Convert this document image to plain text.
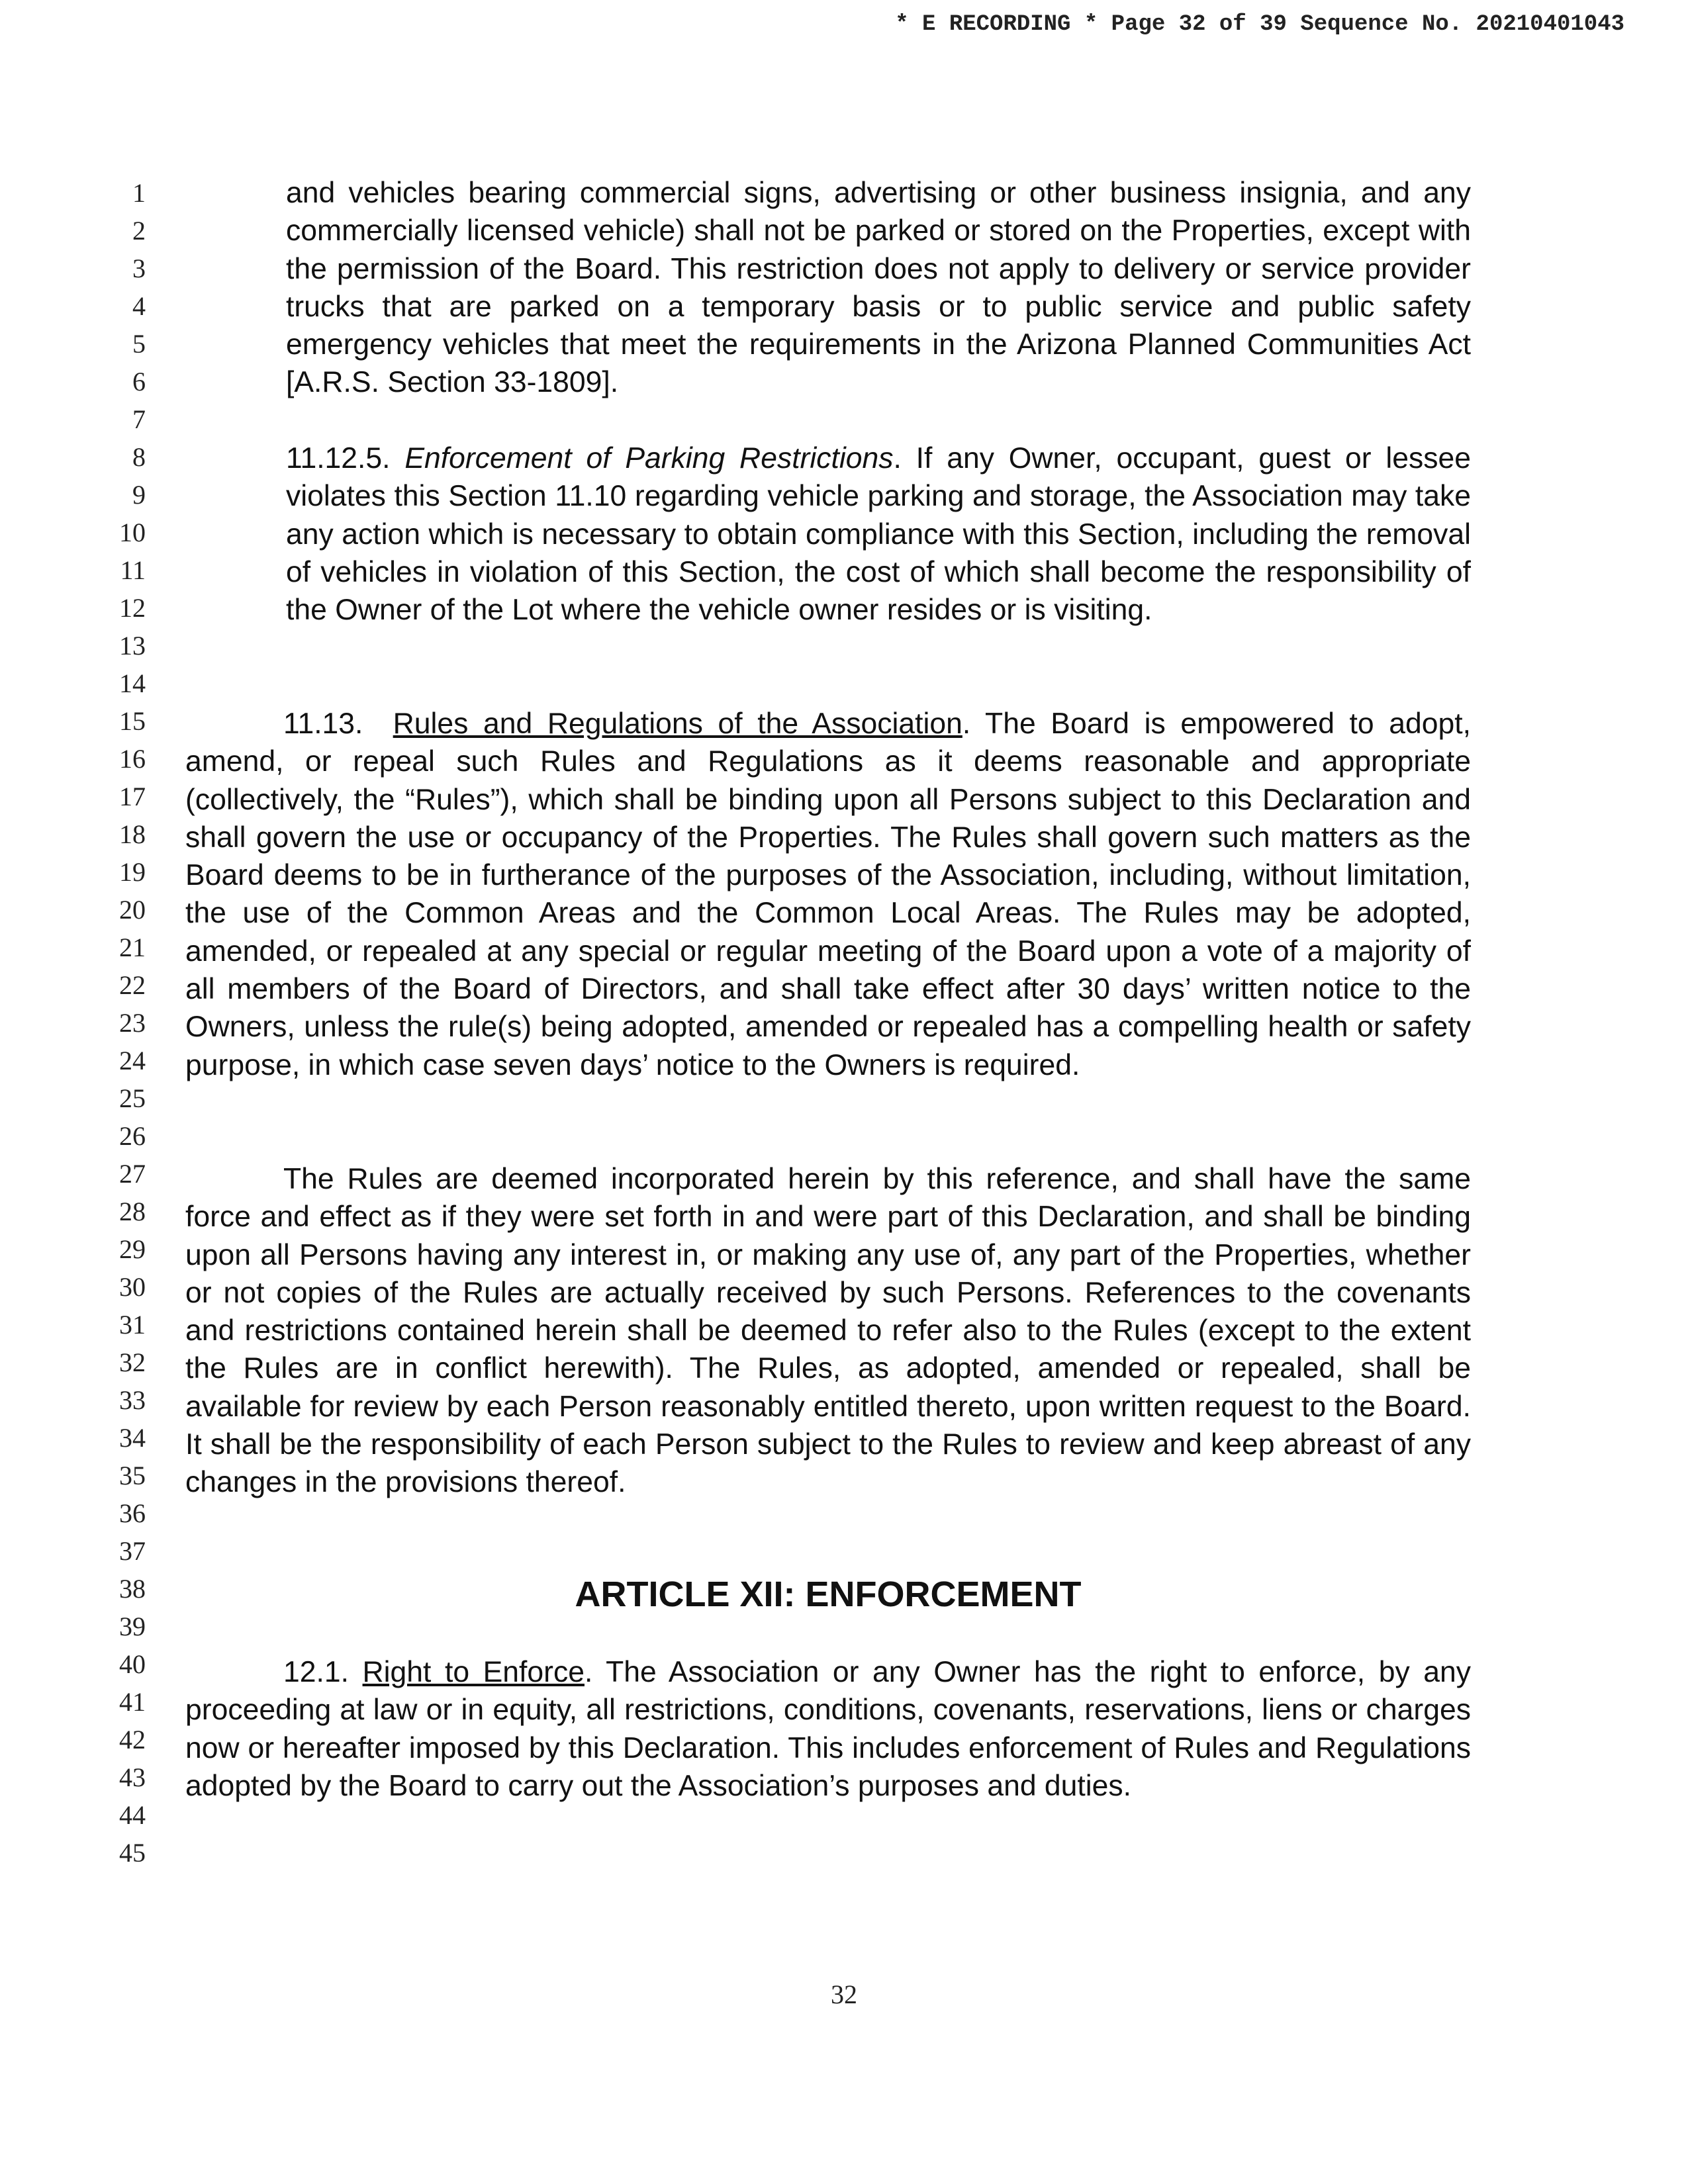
* E RECORDING * Page 32 of 39 Sequence No. 20210401043
1
2
3
4
5
6
7
8
9
10
11
12
13
14
15
16
17
18
19
20
21
22
23
24
25
26
27
28
29
30
31
32
33
34
35
36
37
38
39
40
41
42
43
44
45
and vehicles bearing commercial signs, advertising or other business insignia, and any commercially licensed vehicle) shall not be parked or stored on the Properties, except with the permission of the Board. This restriction does not apply to delivery or service provider trucks that are parked on a temporary basis or to public service and public safety emergency vehicles that meet the requirements in the Arizona Planned Communities Act [A.R.S. Section 33-1809].
11.12.5. Enforcement of Parking Restrictions. If any Owner, occupant, guest or lessee violates this Section 11.10 regarding vehicle parking and storage, the Association may take any action which is necessary to obtain compliance with this Section, including the removal of vehicles in violation of this Section, the cost of which shall become the responsibility of the Owner of the Lot where the vehicle owner resides or is visiting.
11.13. Rules and Regulations of the Association. The Board is empowered to adopt, amend, or repeal such Rules and Regulations as it deems reasonable and appropriate (collectively, the “Rules”), which shall be binding upon all Persons subject to this Declaration and shall govern the use or occupancy of the Properties. The Rules shall govern such matters as the Board deems to be in furtherance of the purposes of the Association, including, without limitation, the use of the Common Areas and the Common Local Areas. The Rules may be adopted, amended, or repealed at any special or regular meeting of the Board upon a vote of a majority of all members of the Board of Directors, and shall take effect after 30 days’ written notice to the Owners, unless the rule(s) being adopted, amended or repealed has a compelling health or safety purpose, in which case seven days’ notice to the Owners is required.
The Rules are deemed incorporated herein by this reference, and shall have the same force and effect as if they were set forth in and were part of this Declaration, and shall be binding upon all Persons having any interest in, or making any use of, any part of the Properties, whether or not copies of the Rules are actually received by such Persons. References to the covenants and restrictions contained herein shall be deemed to refer also to the Rules (except to the extent the Rules are in conflict herewith). The Rules, as adopted, amended or repealed, shall be available for review by each Person reasonably entitled thereto, upon written request to the Board. It shall be the responsibility of each Person subject to the Rules to review and keep abreast of any changes in the provisions thereof.
ARTICLE XII: ENFORCEMENT
12.1. Right to Enforce. The Association or any Owner has the right to enforce, by any proceeding at law or in equity, all restrictions, conditions, covenants, reservations, liens or charges now or hereafter imposed by this Declaration. This includes enforcement of Rules and Regulations adopted by the Board to carry out the Association’s purposes and duties.
32
